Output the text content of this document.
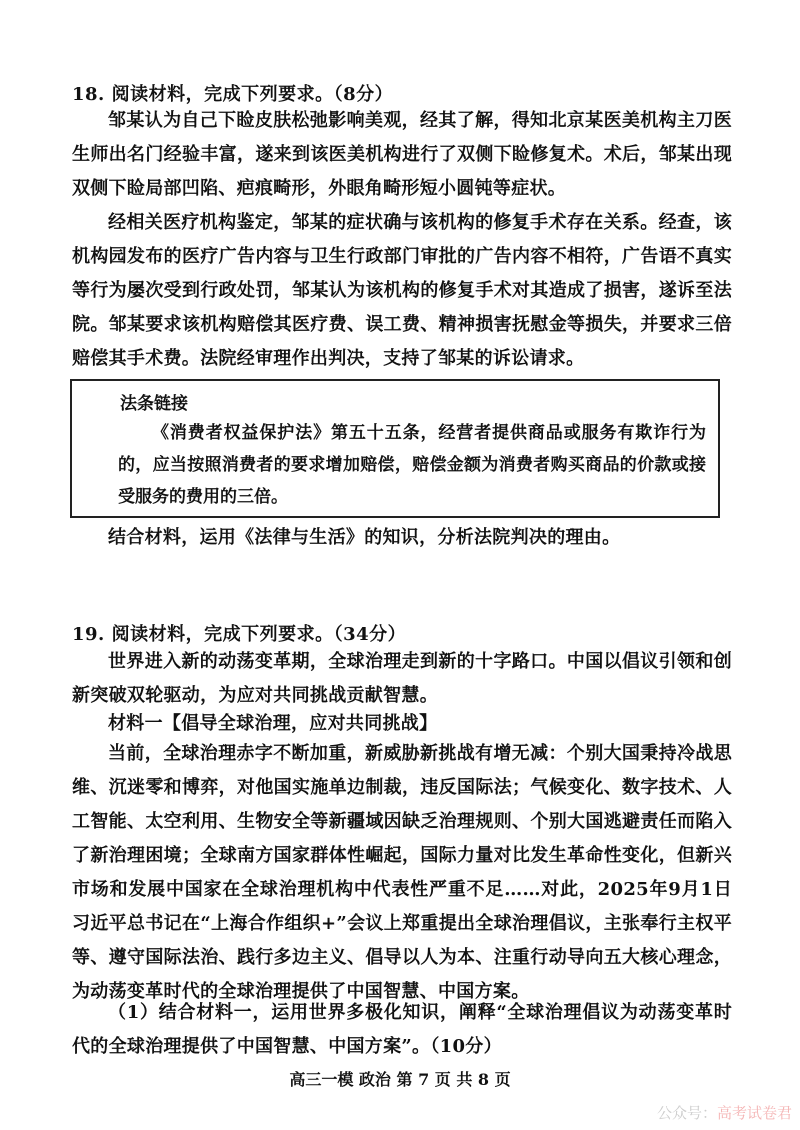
18. 阅读材料，完成下列要求。（8分）
邹某认为自己下睑皮肤松弛影响美观，经其了解，得知北京某医美机构主刀医生师出名门经验丰富，遂来到该医美机构进行了双侧下睑修复术。术后，邹某出现双侧下睑局部凹陷、疤痕畸形，外眼角畸形短小圆钝等症状。
经相关医疗机构鉴定，邹某的症状确与该机构的修复手术存在关系。经查，该机构园发布的医疗广告内容与卫生行政部门审批的广告内容不相符，广告语不真实等行为屡次受到行政处罚，邹某认为该机构的修复手术对其造成了损害，遂诉至法院。邹某要求该机构赔偿其医疗费、误工费、精神损害抚慰金等损失，并要求三倍赔偿其手术费。法院经审理作出判决，支持了邹某的诉讼请求。
法条链接
《消费者权益保护法》第五十五条，经营者提供商品或服务有欺诈行为的，应当按照消费者的要求增加赔偿，赔偿金额为消费者购买商品的价款或接受服务的费用的三倍。
结合材料，运用《法律与生活》的知识，分析法院判决的理由。
19. 阅读材料，完成下列要求。（34分）
世界进入新的动荡变革期，全球治理走到新的十字路口。中国以倡议引领和创新突破双轮驱动，为应对共同挑战贡献智慧。
材料一【倡导全球治理，应对共同挑战】
当前，全球治理赤字不断加重，新威胁新挑战有增无减：个别大国秉持冷战思维、沉迷零和博弈，对他国实施单边制裁，违反国际法；气候变化、数字技术、人工智能、太空利用、生物安全等新疆域因缺乏治理规则、个别大国逃避责任而陷入了新治理困境；全球南方国家群体性崛起，国际力量对比发生革命性变化，但新兴市场和发展中国家在全球治理机构中代表性严重不足……对此，2025年9月1日习近平总书记在“上海合作组织+”会议上郑重提出全球治理倡议，主张奉行主权平等、遵守国际法治、践行多边主义、倡导以人为本、注重行动导向五大核心理念，为动荡变革时代的全球治理提供了中国智慧、中国方案。
（1）结合材料一，运用世界多极化知识，阐释“全球治理倡议为动荡变革时代的全球治理提供了中国智慧、中国方案”。（10分）
高三一模 政治 第 7 页 共 8 页
公众号：高考试卷君
